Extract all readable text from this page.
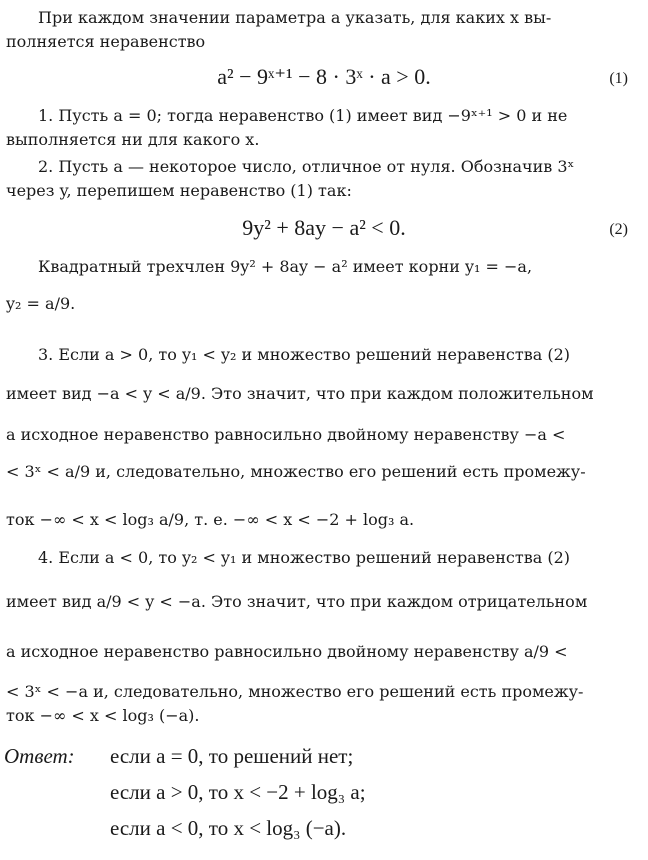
При каждом значении параметра a указать, для каких x вы-
полняется неравенство
a² − 9ˣ⁺¹ − 8 · 3ˣ · a > 0.	(1)
1. Пусть a = 0; тогда неравенство (1) имеет вид −9ˣ⁺¹ > 0 и не
выполняется ни для какого x.
2. Пусть a — некоторое число, отличное от нуля. Обозначив 3ˣ
через y, перепишем неравенство (1) так:
9y² + 8ay − a² < 0.	(2)
Квадратный трехчлен 9y² + 8ay − a² имеет корни y₁ = −a,
y₂ = a/9.
3. Если a > 0, то y₁ < y₂ и множество решений неравенства (2)
имеет вид −a < y < a/9. Это значит, что при каждом положительном
a исходное неравенство равносильно двойному неравенству −a <
< 3ˣ < a/9 и, следовательно, множество его решений есть промежу-
ток −∞ < x < log₃ a/9, т. е. −∞ < x < −2 + log₃ a.
4. Если a < 0, то y₂ < y₁ и множество решений неравенства (2)
имеет вид a/9 < y < −a. Это значит, что при каждом отрицательном
a исходное неравенство равносильно двойному неравенству a/9 <
< 3ˣ < −a и, следовательно, множество его решений есть промежу-
ток −∞ < x < log₃ (−a).
Ответ: если a = 0, то решений нет;
если a > 0, то x < −2 + log₃ a;
если a < 0, то x < log₃ (−a).
